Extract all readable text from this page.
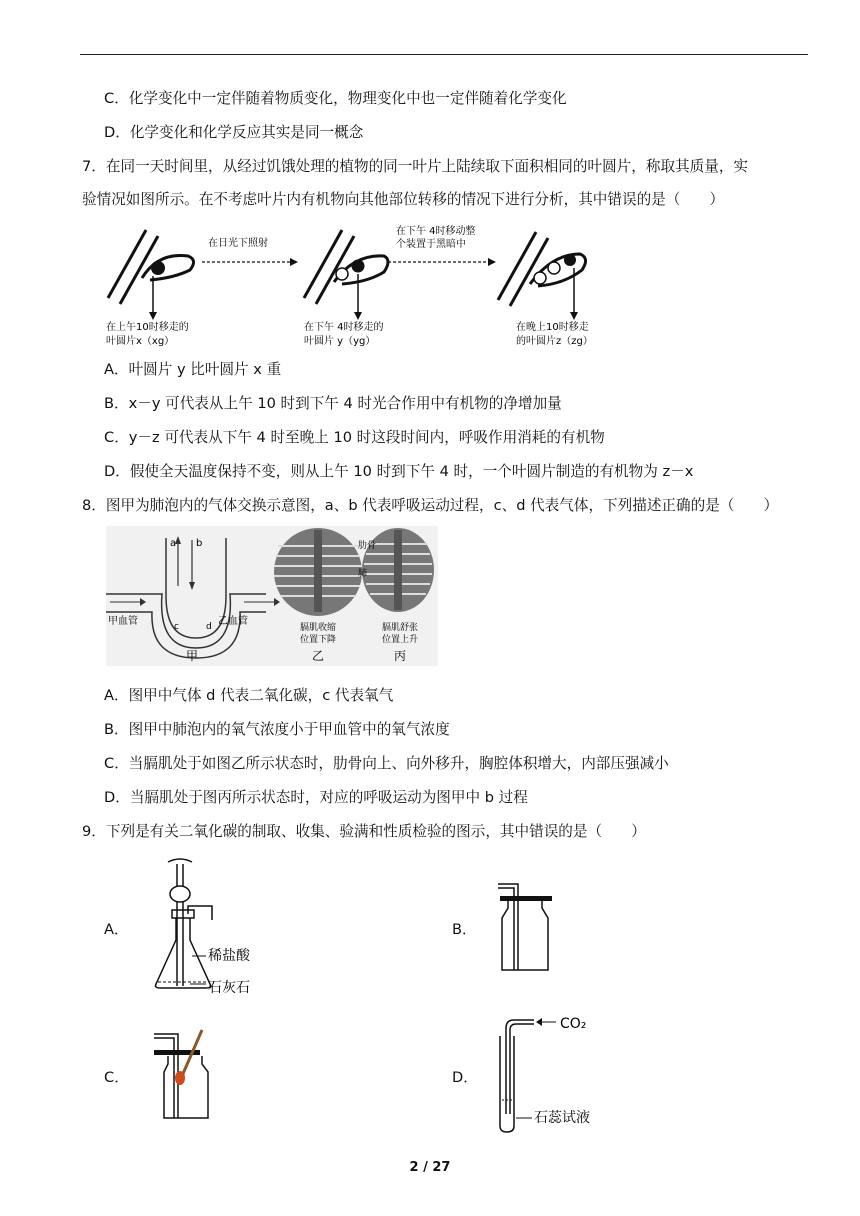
C．化学变化中一定伴随着物质变化，物理变化中也一定伴随着化学变化
D．化学变化和化学反应其实是同一概念
7．在同一天时间里，从经过饥饿处理的植物的同一叶片上陆续取下面积相同的叶圆片，称取其质量，实
验情况如图所示。在不考虑叶片内有机物向其他部位转移的情况下进行分析，其中错误的是（　　）
在上午10时移走的
叶圆片x（xg）
在日光下照射
在下午 4时移走的
叶圆片 y（yg）
在下午 4时移动整
个装置于黑暗中
在晚上10时移走
的叶圆片z（zg）
A．叶圆片 y 比叶圆片 x 重
B．x－y 可代表从上午 10 时到下午 4 时光合作用中有机物的净增加量
C．y－z 可代表从下午 4 时至晚上 10 时这段时间内，呼吸作用消耗的有机物
D．假使全天温度保持不变，则从上午 10 时到下午 4 时，一个叶圆片制造的有机物为 z－x
8．图甲为肺泡内的气体交换示意图，a、b 代表呼吸运动过程，c、d 代表气体，下列描述正确的是（　　）
a b
甲血管	乙血管
c	d
甲
膈肌收缩
位置下降
乙
肋骨
肺
膈肌舒张
位置上升
丙
A．图甲中气体 d 代表二氧化碳，c 代表氧气
B．图甲中肺泡内的氧气浓度小于甲血管中的氧气浓度
C．当膈肌处于如图乙所示状态时，肋骨向上、向外移升，胸腔体积增大，内部压强减小
D．当膈肌处于图丙所示状态时，对应的呼吸运动为图甲中 b 过程
9．下列是有关二氧化碳的制取、收集、验满和性质检验的图示，其中错误的是（　　）
A．	B．
C．	D．
稀盐酸
石灰石
CO₂
石蕊试液
2 / 27
